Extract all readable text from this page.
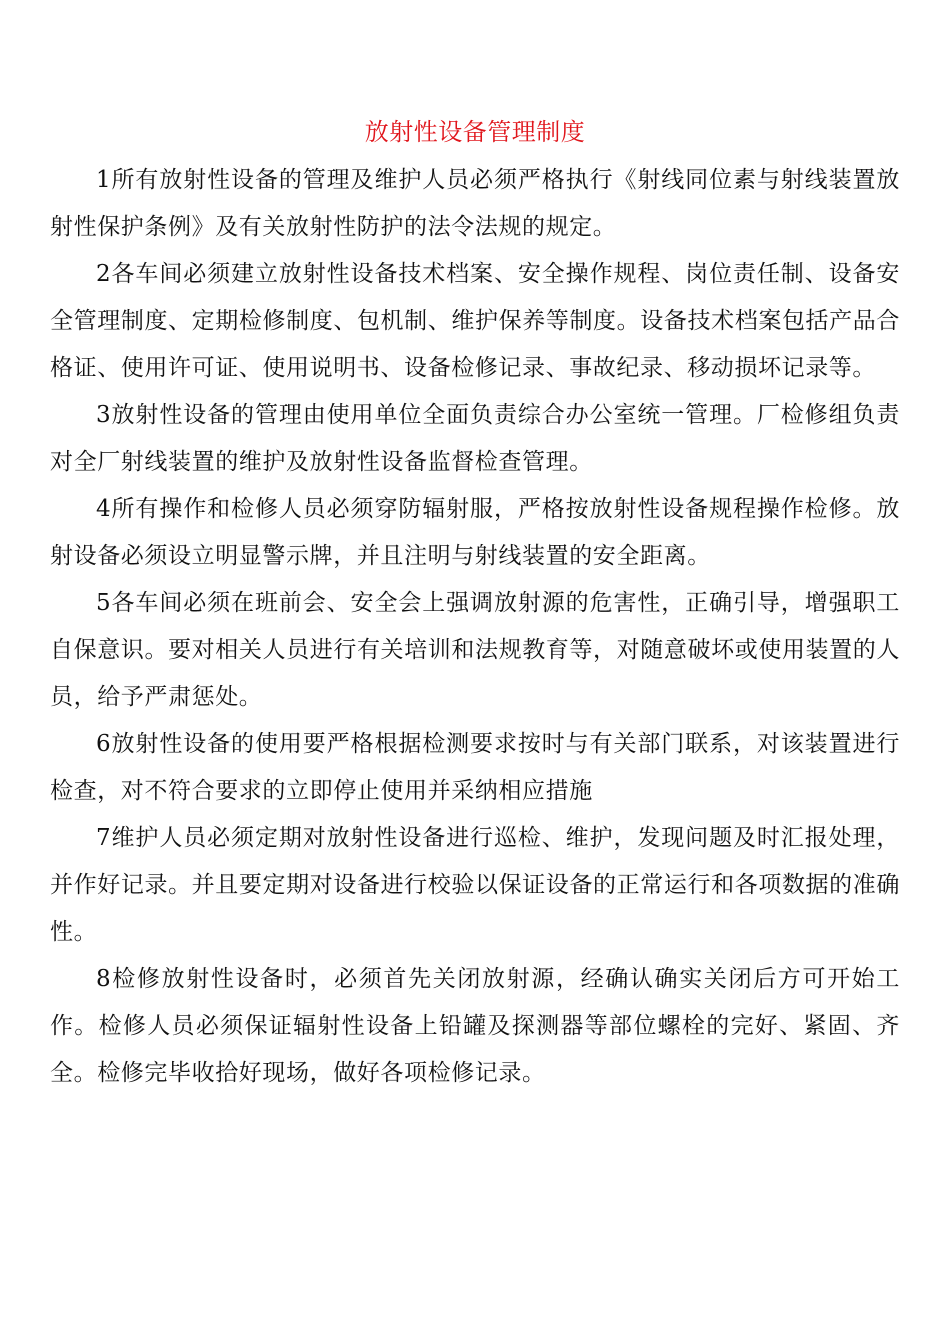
放射性设备管理制度

1所有放射性设备的管理及维护人员必须严格执行《射线同位素与射线装置放射性保护条例》及有关放射性防护的法令法规的规定。

2各车间必须建立放射性设备技术档案、安全操作规程、岗位责任制、设备安全管理制度、定期检修制度、包机制、维护保养等制度。设备技术档案包括产品合格证、使用许可证、使用说明书、设备检修记录、事故纪录、移动损坏记录等。

3放射性设备的管理由使用单位全面负责综合办公室统一管理。厂检修组负责对全厂射线装置的维护及放射性设备监督检查管理。

4所有操作和检修人员必须穿防辐射服，严格按放射性设备规程操作检修。放射设备必须设立明显警示牌，并且注明与射线装置的安全距离。

5各车间必须在班前会、安全会上强调放射源的危害性，正确引导，增强职工自保意识。要对相关人员进行有关培训和法规教育等，对随意破坏或使用装置的人员，给予严肃惩处。

6放射性设备的使用要严格根据检测要求按时与有关部门联系，对该装置进行检查，对不符合要求的立即停止使用并采纳相应措施

7维护人员必须定期对放射性设备进行巡检、维护，发现问题及时汇报处理，并作好记录。并且要定期对设备进行校验以保证设备的正常运行和各项数据的准确性。

8检修放射性设备时，必须首先关闭放射源，经确认确实关闭后方可开始工作。检修人员必须保证辐射性设备上铅罐及探测器等部位螺栓的完好、紧固、齐全。检修完毕收拾好现场，做好各项检修记录。
